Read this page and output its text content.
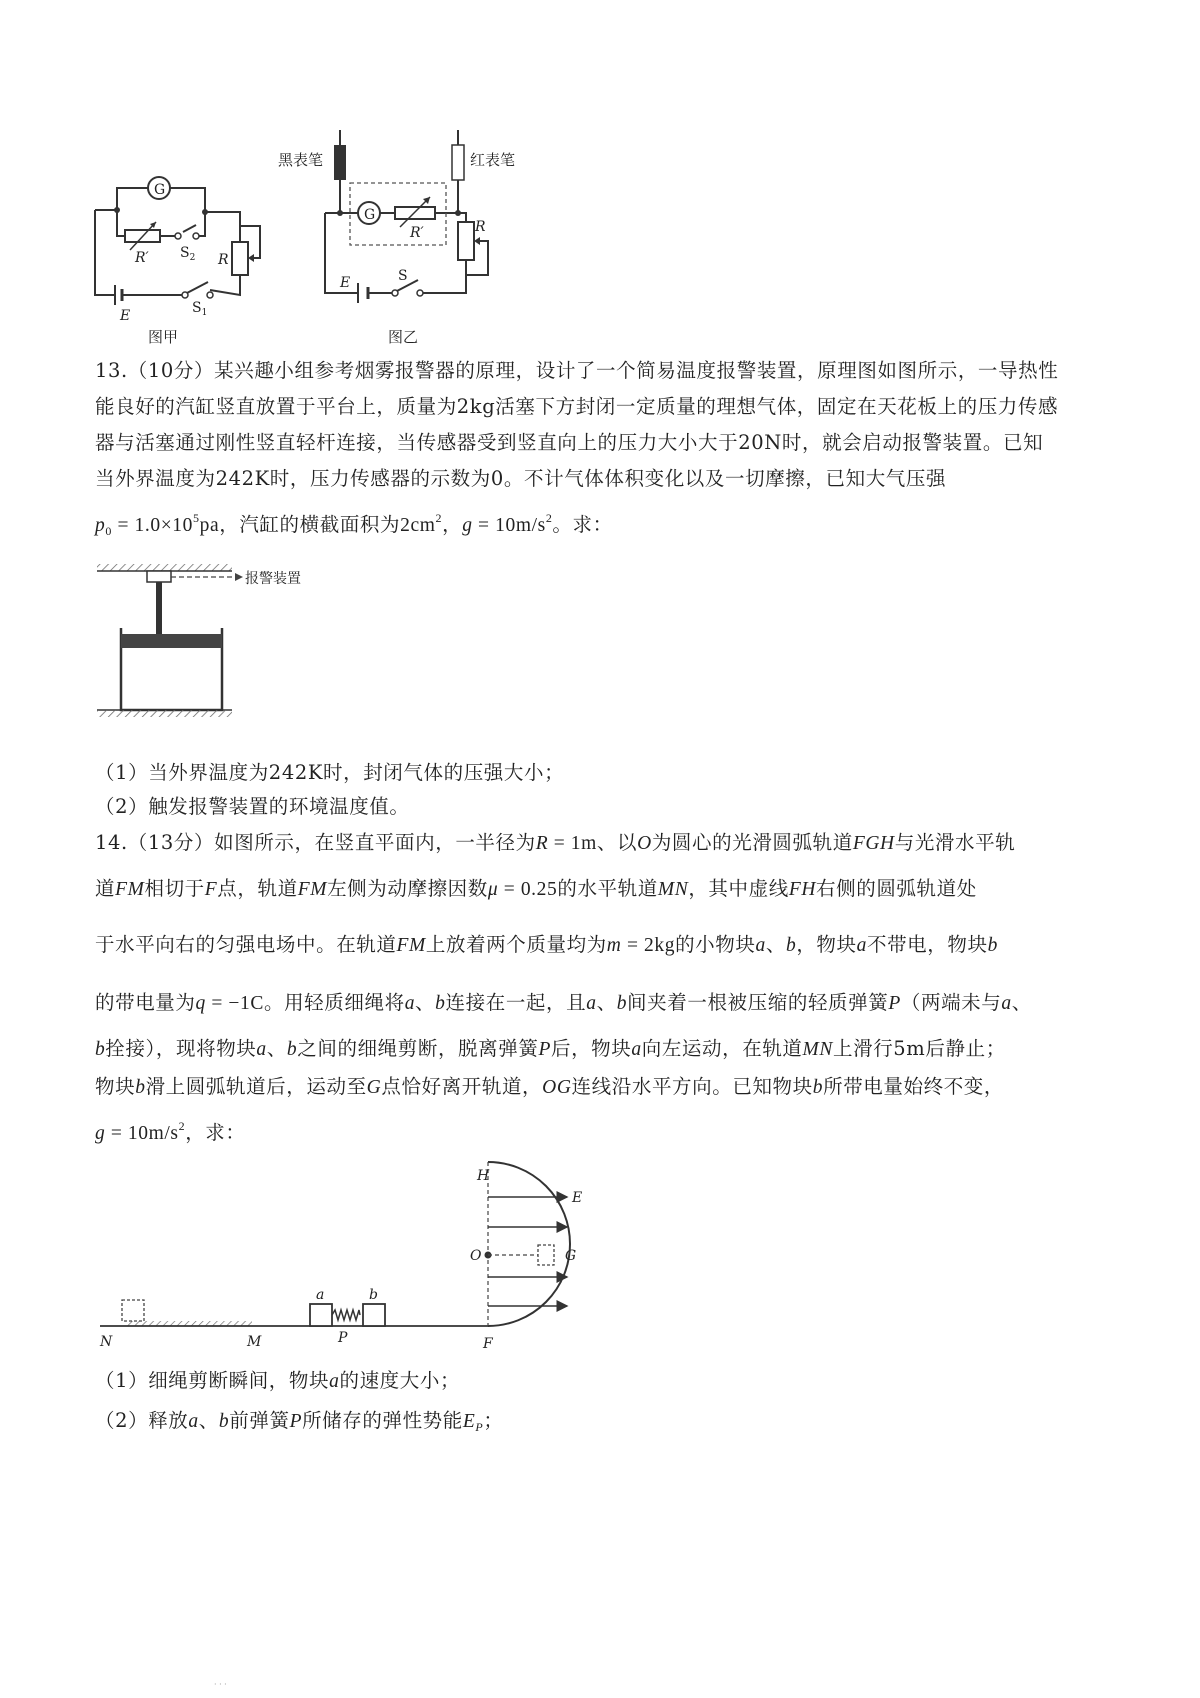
G
R′ $S_2$ R
E	$S_1$
图甲
黑表笔	红表笔
G
R′	R
E	S
图乙
13.（10分）某兴趣小组参考烟雾报警器的原理，设计了一个简易温度报警装置，原理图如图所示，一导热性
能良好的汽缸竖直放置于平台上，质量为2kg活塞下方封闭一定质量的理想气体，固定在天花板上的压力传感
器与活塞通过刚性竖直轻杆连接，当传感器受到竖直向上的压力大小大于20N时，就会启动报警装置。已知
当外界温度为242K时，压力传感器的示数为0。不计气体体积变化以及一切摩擦，已知大气压强
$p_0 = 1.0\times 10^5pa$，汽缸的横截面积为$2cm^2$，$g = 10m/s^2$。求：
报警装置
（1）当外界温度为242K时，封闭气体的压强大小；
（2）触发报警装置的环境温度值。
14.（13分）如图所示，在竖直平面内，一半径为R = 1m、以O为圆心的光滑圆弧轨道FGH与光滑水平轨
道FM相切于F点，轨道FM左侧为动摩擦因数μ = 0.25的水平轨道MN，其中虚线FH右侧的圆弧轨道处
于水平向右的匀强电场中。在轨道FM上放着两个质量均为m = 2kg的小物块a、b，物块a不带电，物块b
的带电量为q = −1C。用轻质细绳将a、b连接在一起，且a、b间夹着一根被压缩的轻质弹簧P（两端未与a、
b拴接），现将物块a、b之间的细绳剪断，脱离弹簧P后，物块a向左运动，在轨道MN上滑行5m后静止；
物块b滑上圆弧轨道后，运动至G点恰好离开轨道，OG连线沿水平方向。已知物块b所带电量始终不变，
$g = 10m/s^2$，求：
H
E
O	G
a	b
N	M	P	F
（1）细绳剪断瞬间，物块a的速度大小；
（2）释放a、b前弹簧P所储存的弹性势能$E_P$；
· · ·
